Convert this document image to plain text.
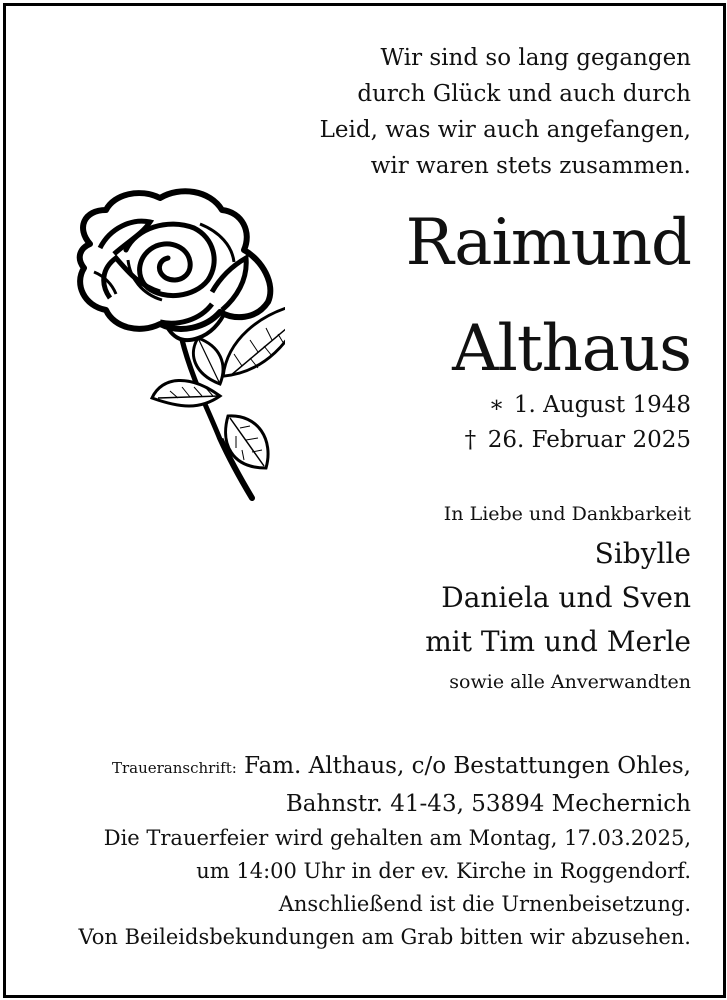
Wir sind so lang gegangen
durch Glück und auch durch
Leid, was wir auch angefangen,
wir waren stets zusammen.
Raimund
Althaus
∗ 1. August 1948
† 26. Februar 2025
In Liebe und Dankbarkeit
Sibylle
Daniela und Sven
mit Tim und Merle
sowie alle Anverwandten
Traueranschrift: Fam. Althaus, c/o Bestattungen Ohles,
Bahnstr. 41-43, 53894 Mechernich
Die Trauerfeier wird gehalten am Montag, 17.03.2025,
um 14:00 Uhr in der ev. Kirche in Roggendorf.
Anschließend ist die Urnenbeisetzung.
Von Beileidsbekundungen am Grab bitten wir abzusehen.
